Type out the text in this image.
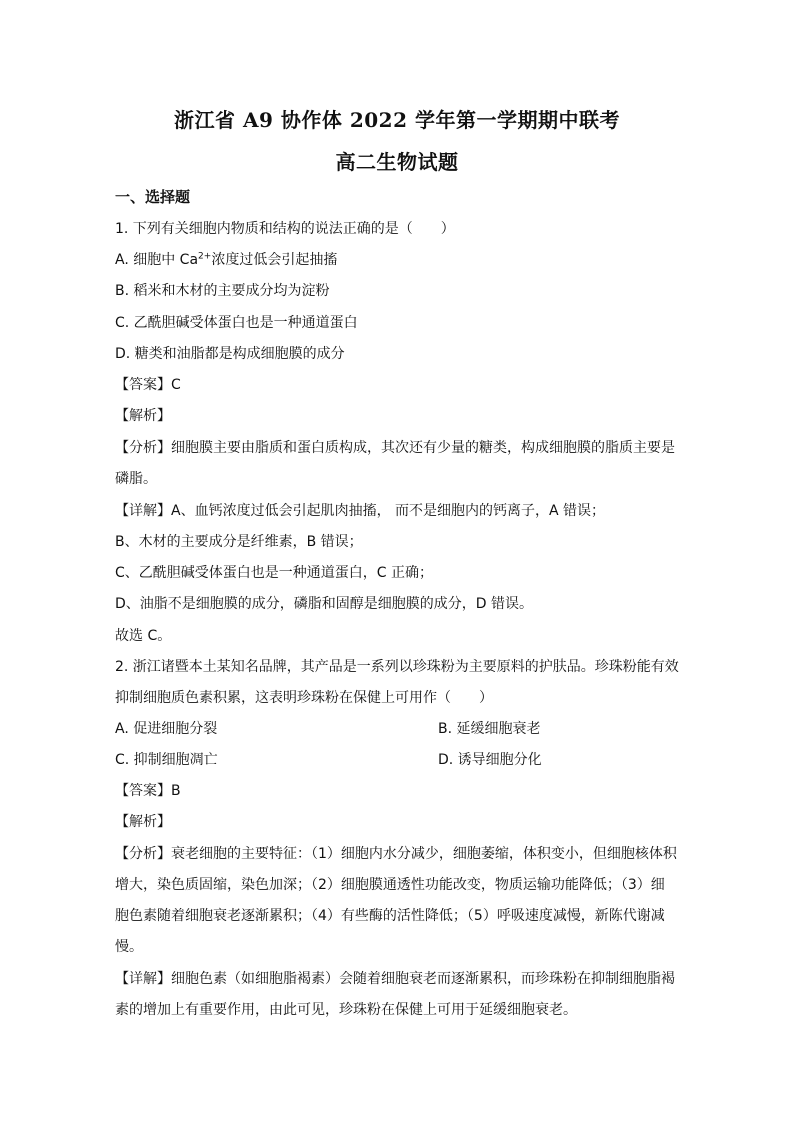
浙江省 A9 协作体 2022 学年第一学期期中联考
高二生物试题
一、选择题
1. 下列有关细胞内物质和结构的说法正确的是（　　）
A. 细胞中 $Ca^{2+}$浓度过低会引起抽搐
B. 稻米和木材的主要成分均为淀粉
C. 乙酰胆碱受体蛋白也是一种通道蛋白
D. 糖类和油脂都是构成细胞膜的成分
【答案】C
【解析】
【分析】细胞膜主要由脂质和蛋白质构成，其次还有少量的糖类，构成细胞膜的脂质主要是
磷脂。
【详解】A、血钙浓度过低会引起肌肉抽搐， 而不是细胞内的钙离子，A 错误；
B、木材的主要成分是纤维素，B 错误；
C、乙酰胆碱受体蛋白也是一种通道蛋白，C 正确；
D、油脂不是细胞膜的成分，磷脂和固醇是细胞膜的成分，D 错误。
故选 C。
2. 浙江诸暨本土某知名品牌，其产品是一系列以珍珠粉为主要原料的护肤品。珍珠粉能有效
抑制细胞质色素积累，这表明珍珠粉在保健上可用作（　　）
A. 促进细胞分裂	B. 延缓细胞衰老
C. 抑制细胞凋亡	D. 诱导细胞分化
【答案】B
【解析】
【分析】衰老细胞的主要特征：（1）细胞内水分减少，细胞萎缩，体积变小，但细胞核体积
增大，染色质固缩，染色加深；（2）细胞膜通透性功能改变，物质运输功能降低；（3）细
胞色素随着细胞衰老逐渐累积；（4）有些酶的活性降低；（5）呼吸速度减慢，新陈代谢减
慢。
【详解】细胞色素（如细胞脂褐素）会随着细胞衰老而逐渐累积，而珍珠粉在抑制细胞脂褐
素的增加上有重要作用，由此可见，珍珠粉在保健上可用于延缓细胞衰老。
